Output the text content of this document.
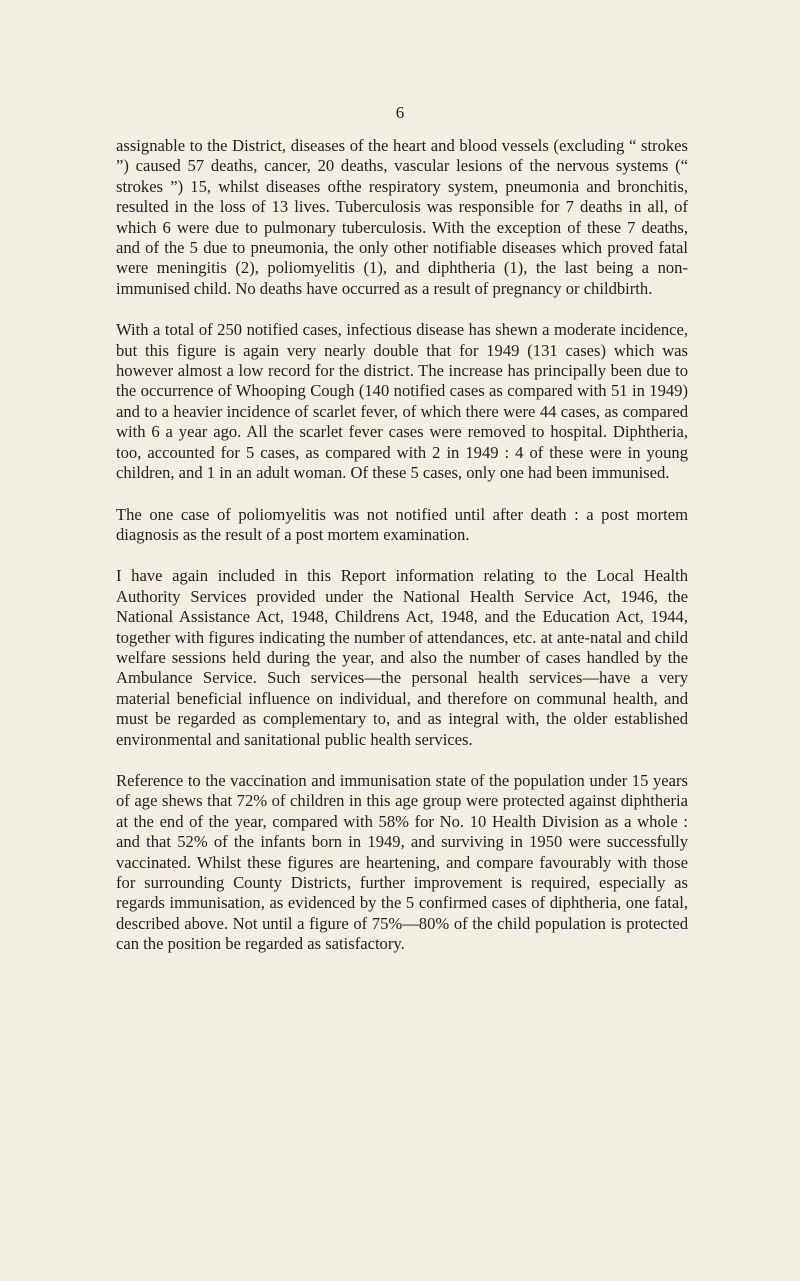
6

assignable to the District, diseases of the heart and blood vessels (excluding “ strokes ”) caused 57 deaths, cancer, 20 deaths, vascular lesions of the nervous systems (“ strokes ”) 15, whilst diseases ofthe respiratory system, pneumonia and bronchitis, resulted in the loss of 13 lives. Tuberculosis was responsible for 7 deaths in all, of which 6 were due to pulmonary tuberculosis. With the exception of these 7 deaths, and of the 5 due to pneumonia, the only other notifiable diseases which proved fatal were meningitis (2), poliomyelitis (1), and diphtheria (1), the last being a non-immunised child. No deaths have occurred as a result of pregnancy or childbirth.

With a total of 250 notified cases, infectious disease has shewn a moderate incidence, but this figure is again very nearly double that for 1949 (131 cases) which was however almost a low record for the district. The increase has principally been due to the occurrence of Whooping Cough (140 notified cases as compared with 51 in 1949) and to a heavier incidence of scarlet fever, of which there were 44 cases, as compared with 6 a year ago. All the scarlet fever cases were removed to hospital. Diphtheria, too, accounted for 5 cases, as compared with 2 in 1949 : 4 of these were in young children, and 1 in an adult woman. Of these 5 cases, only one had been immunised.

The one case of poliomyelitis was not notified until after death : a post mortem diagnosis as the result of a post mortem examination.

I have again included in this Report information relating to the Local Health Authority Services provided under the National Health Service Act, 1946, the National Assistance Act, 1948, Childrens Act, 1948, and the Education Act, 1944, together with figures indicating the number of attendances, etc. at ante-natal and child welfare sessions held during the year, and also the number of cases handled by the Ambulance Service. Such services—the personal health services—have a very material beneficial influence on individual, and therefore on communal health, and must be regarded as complementary to, and as integral with, the older established environmental and sanitational public health services.

Reference to the vaccination and immunisation state of the population under 15 years of age shews that 72% of children in this age group were protected against diphtheria at the end of the year, compared with 58% for No. 10 Health Division as a whole : and that 52% of the infants born in 1949, and surviving in 1950 were successfully vaccinated. Whilst these figures are heartening, and compare favourably with those for surrounding County Districts, further improvement is required, especially as regards immunisation, as evidenced by the 5 confirmed cases of diphtheria, one fatal, described above. Not until a figure of 75%—80% of the child population is protected can the position be regarded as satisfactory.
